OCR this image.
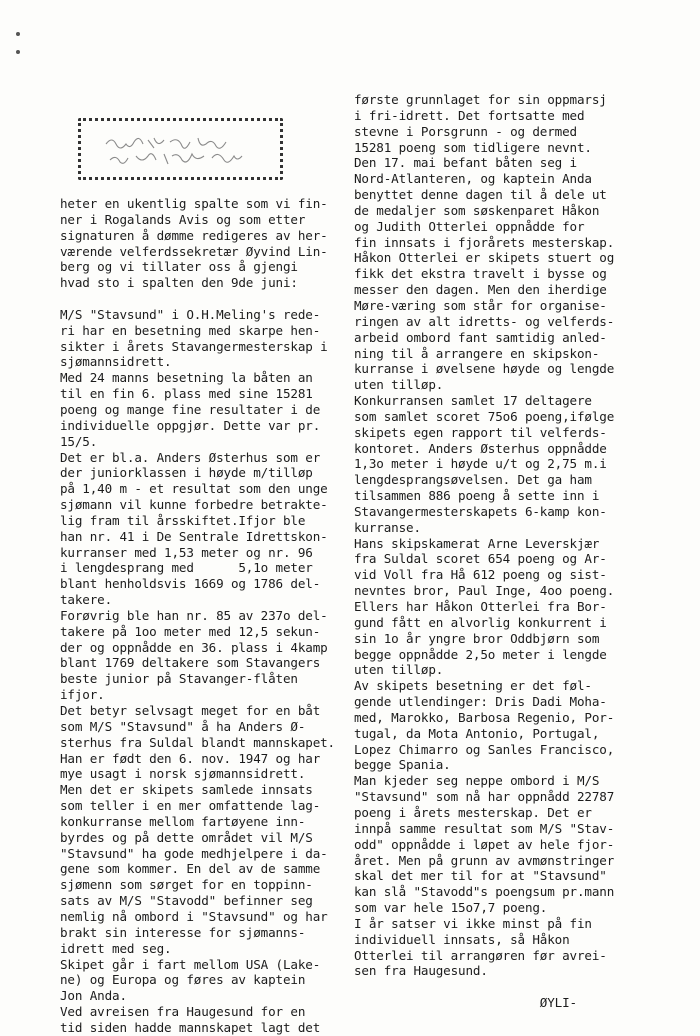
heter en ukentlig spalte som vi fin-
ner i Rogalands Avis og som etter
signaturen å dømme redigeres av her-
værende velferdssekretær Øyvind Lin-
berg og vi tillater oss å gjengi
hvad sto i spalten den 9de juni:
M/S "Stavsund" i O.H.Meling's rede-
ri har en besetning med skarpe hen-
sikter i årets Stavangermesterskap i
sjømannsidrett.
Med 24 manns besetning la båten an
til en fin 6. plass med sine 15281
poeng og mange fine resultater i de
individuelle oppgjør. Dette var pr.
15/5.
Det er bl.a. Anders Østerhus som er
der juniorklassen i høyde m/tilløp
på 1,40 m - et resultat som den unge
sjømann vil kunne forbedre betrakte-
lig fram til årsskiftet.Ifjor ble
han nr. 41 i De Sentrale Idrettskon-
kurranser med 1,53 meter og nr. 96
i lengdesprang med      5,1o meter
blant henholdsvis 1669 og 1786 del-
takere.
Forøvrig ble han nr. 85 av 237o del-
takere på 1oo meter med 12,5 sekun-
der og oppnådde en 36. plass i 4kamp
blant 1769 deltakere som Stavangers
beste junior på Stavanger-flåten
ifjor.
Det betyr selvsagt meget for en båt
som M/S "Stavsund" å ha Anders Ø-
sterhus fra Suldal blandt mannskapet.
Han er født den 6. nov. 1947 og har
mye usagt i norsk sjømannsidrett.
Men det er skipets samlede innsats
som teller i en mer omfattende lag-
konkurranse mellom fartøyene inn-
byrdes og på dette området vil M/S
"Stavsund" ha gode medhjelpere i da-
gene som kommer. En del av de samme
sjømenn som sørget for en toppinn-
sats av M/S "Stavodd" befinner seg
nemlig nå ombord i "Stavsund" og har
brakt sin interesse for sjømanns-
idrett med seg.
Skipet går i fart mellom USA (Lake-
ne) og Europa og føres av kaptein
Jon Anda.
Ved avreisen fra Haugesund for en
tid siden hadde mannskapet lagt det
første grunnlaget for sin oppmarsj
i fri-idrett. Det fortsatte med
stevne i Porsgrunn - og dermed
15281 poeng som tidligere nevnt.
Den 17. mai befant båten seg i
Nord-Atlanteren, og kaptein Anda
benyttet denne dagen til å dele ut
de medaljer som søskenparet Håkon
og Judith Otterlei oppnådde for
fin innsats i fjorårets mesterskap.
Håkon Otterlei er skipets stuert og
fikk det ekstra travelt i bysse og
messer den dagen. Men den iherdige
Møre-væring som står for organise-
ringen av alt idretts- og velferds-
arbeid ombord fant samtidig anled-
ning til å arrangere en skipskon-
kurranse i øvelsene høyde og lengde
uten tilløp.
Konkurransen samlet 17 deltagere
som samlet scoret 75o6 poeng,ifølge
skipets egen rapport til velferds-
kontoret. Anders Østerhus oppnådde
1,3o meter i høyde u/t og 2,75 m.i
lengdesprangsøvelsen. Det ga ham
tilsammen 886 poeng å sette inn i
Stavangermesterskapets 6-kamp kon-
kurranse.
Hans skipskamerat Arne Leverskjær
fra Suldal scoret 654 poeng og Ar-
vid Voll fra Hå 612 poeng og sist-
nevntes bror, Paul Inge, 4oo poeng.
Ellers har Håkon Otterlei fra Bor-
gund fått en alvorlig konkurrent i
sin 1o år yngre bror Oddbjørn som
begge oppnådde 2,5o meter i lengde
uten tilløp.
Av skipets besetning er det føl-
gende utlendinger: Dris Dadi Moha-
med, Marokko, Barbosa Regenio, Por-
tugal, da Mota Antonio, Portugal,
Lopez Chimarro og Sanles Francisco,
begge Spania.
Man kjeder seg neppe ombord i M/S
"Stavsund" som nå har oppnådd 22787
poeng i årets mesterskap. Det er
innpå samme resultat som M/S "Stav-
odd" oppnådde i løpet av hele fjor-
året. Men på grunn av avmønstringer
skal det mer til for at "Stavsund"
kan slå "Stavodd"s poengsum pr.mann
som var hele 15o7,7 poeng.
I år satser vi ikke minst på fin
individuell innsats, så Håkon
Otterlei til arrangøren før avrei-
sen fra Haugesund.
ØYLI-
